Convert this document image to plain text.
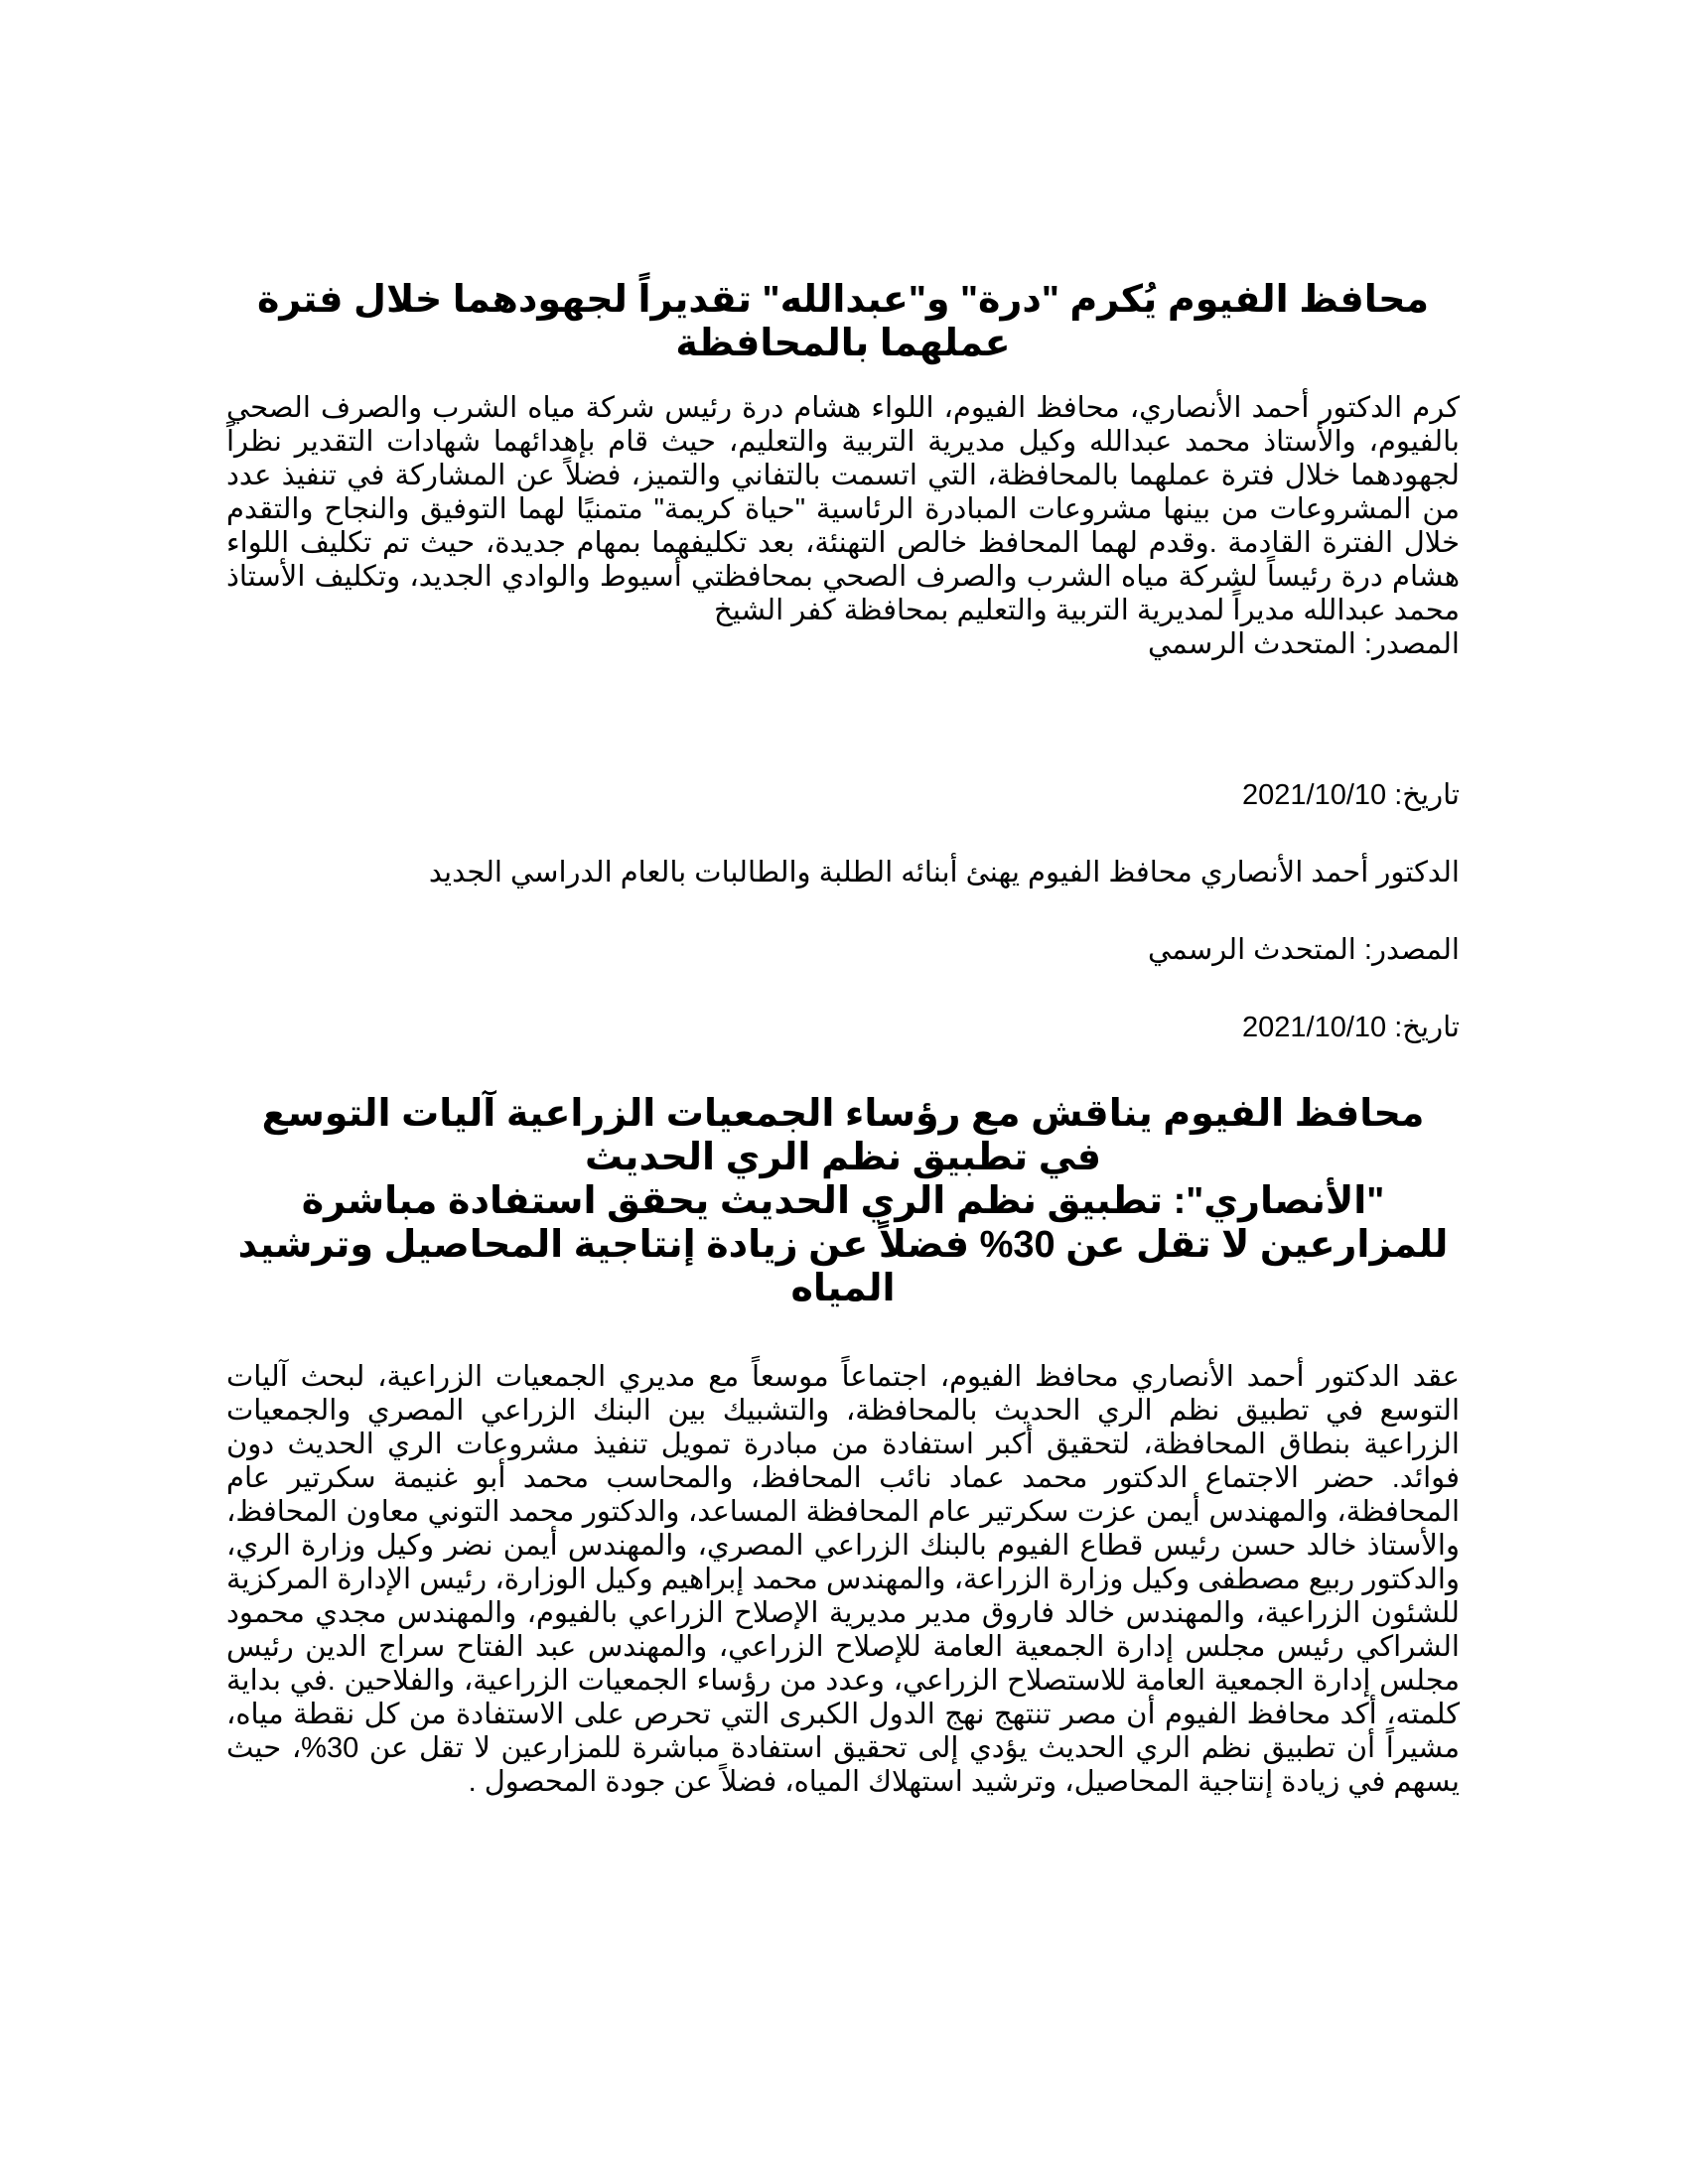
محافظ الفيوم يُكرم "درة" و"عبدالله" تقديراً لجهودهما خلال فترة عملهما بالمحافظة

كرم الدكتور أحمد الأنصاري، محافظ الفيوم، اللواء هشام درة رئيس شركة مياه الشرب والصرف الصحي بالفيوم، والأستاذ محمد عبدالله وكيل مديرية التربية والتعليم، حيث قام بإهدائهما شهادات التقدير نظراً لجهودهما خلال فترة عملهما بالمحافظة، التي اتسمت بالتفاني والتميز، فضلاً عن المشاركة في تنفيذ عدد من المشروعات من بينها مشروعات المبادرة الرئاسية "حياة كريمة" متمنيًا لهما التوفيق والنجاح والتقدم خلال الفترة القادمة .وقدم لهما المحافظ خالص التهنئة، بعد تكليفهما بمهام جديدة، حيث تم تكليف اللواء هشام درة رئيساً لشركة مياه الشرب والصرف الصحي بمحافظتي أسيوط والوادي الجديد، وتكليف الأستاذ محمد عبدالله مديراً لمديرية التربية والتعليم بمحافظة كفر الشيخ

المصدر: المتحدث الرسمي

تاريخ: 2021/10/10

الدكتور أحمد الأنصاري محافظ الفيوم يهنئ أبنائه الطلبة والطالبات بالعام الدراسي الجديد

المصدر: المتحدث الرسمي

تاريخ: 2021/10/10

محافظ الفيوم يناقش مع رؤساء الجمعيات الزراعية آليات التوسع في تطبيق نظم الري الحديث
"الأنصاري": تطبيق نظم الري الحديث يحقق استفادة مباشرة للمزارعين لا تقل عن 30% فضلاً عن زيادة إنتاجية المحاصيل وترشيد المياه

عقد الدكتور أحمد الأنصاري محافظ الفيوم، اجتماعاً موسعاً مع مديري الجمعيات الزراعية، لبحث آليات التوسع في تطبيق نظم الري الحديث بالمحافظة، والتشبيك بين البنك الزراعي المصري والجمعيات الزراعية بنطاق المحافظة، لتحقيق أكبر استفادة من مبادرة تمويل تنفيذ مشروعات الري الحديث دون فوائد. حضر الاجتماع الدكتور محمد عماد نائب المحافظ، والمحاسب محمد أبو غنيمة سكرتير عام المحافظة، والمهندس أيمن عزت سكرتير عام المحافظة المساعد، والدكتور محمد التوني معاون المحافظ، والأستاذ خالد حسن رئيس قطاع الفيوم بالبنك الزراعي المصري، والمهندس أيمن نضر وكيل وزارة الري، والدكتور ربيع مصطفى وكيل وزارة الزراعة، والمهندس محمد إبراهيم وكيل الوزارة، رئيس الإدارة المركزية للشئون الزراعية، والمهندس خالد فاروق مدير مديرية الإصلاح الزراعي بالفيوم، والمهندس مجدي محمود الشراكي رئيس مجلس إدارة الجمعية العامة للإصلاح الزراعي، والمهندس عبد الفتاح سراج الدين رئيس مجلس إدارة الجمعية العامة للاستصلاح الزراعي، وعدد من رؤساء الجمعيات الزراعية، والفلاحين .في بداية كلمته، أكد محافظ الفيوم أن مصر تنتهج نهج الدول الكبرى التي تحرص على الاستفادة من كل نقطة مياه، مشيراً أن تطبيق نظم الري الحديث يؤدي إلى تحقيق استفادة مباشرة للمزارعين لا تقل عن 30%، حيث يسهم في زيادة إنتاجية المحاصيل، وترشيد استهلاك المياه، فضلاً عن جودة المحصول .
